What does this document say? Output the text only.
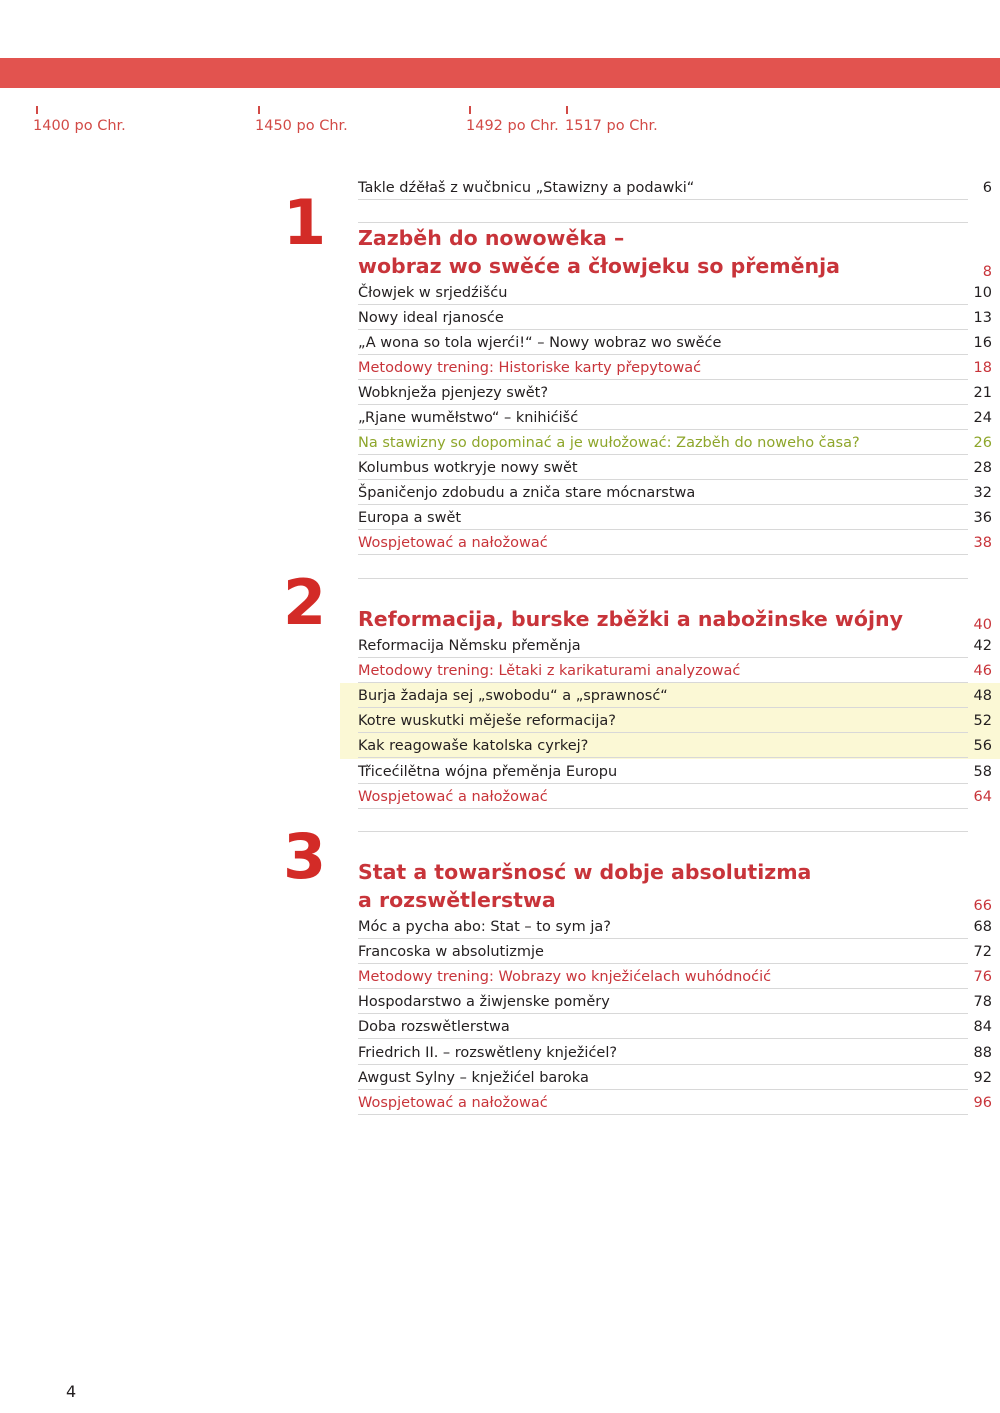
1400 po Chr.	1450 po Chr.	1492 po Chr. 1517 po Chr.
Takle dźěłaš z wučbnicu „Stawizny a podawki“	6
1 Zazběh do nowowěka –
wobraz wo swěće a čłowjeku so přeměnja	8
Čłowjek w srjedźišću	10
Nowy ideal rjanosće	13
„A wona so tola wjerći!“ – Nowy wobraz wo swěće	16
Metodowy trening: Historiske karty přepytować	18
Wobknježa pjenjezy swět?	21
„Rjane wuměłstwo“ – knihićišć	24
Na stawizny so dopominać a je wułožować: Zazběh do noweho časa?	26
Kolumbus wotkryje nowy swět	28
Španičenjo zdobudu a zniča stare mócnarstwa	32
Europa a swět	36
Wospjetować a nałožować	38
2 Reformacija, burske zběžki a nabožinske wójny	40
Reformacija Němsku přeměnja	42
Metodowy trening: Lětaki z karikaturami analyzować	46
Burja žadaja sej „swobodu“ a „sprawnosć“	48
Kotre wuskutki měješe reformacija?	52
Kak reagowaše katolska cyrkej?	56
Třicećilětna wójna přeměnja Europu	58
Wospjetować a nałožować	64
3 Stat a towaršnosć w dobje absolutizma
a rozswětlerstwa	66
Móc a pycha abo: Stat – to sym ja?	68
Francoska w absolutizmje	72
Metodowy trening: Wobrazy wo knježićelach wuhódnoćić	76
Hospodarstwo a žiwjenske poměry	78
Doba rozswětlerstwa	84
Friedrich II. – rozswětleny knježićel?	88
Awgust Sylny – knježićel baroka	92
Wospjetować a nałožować	96
4
